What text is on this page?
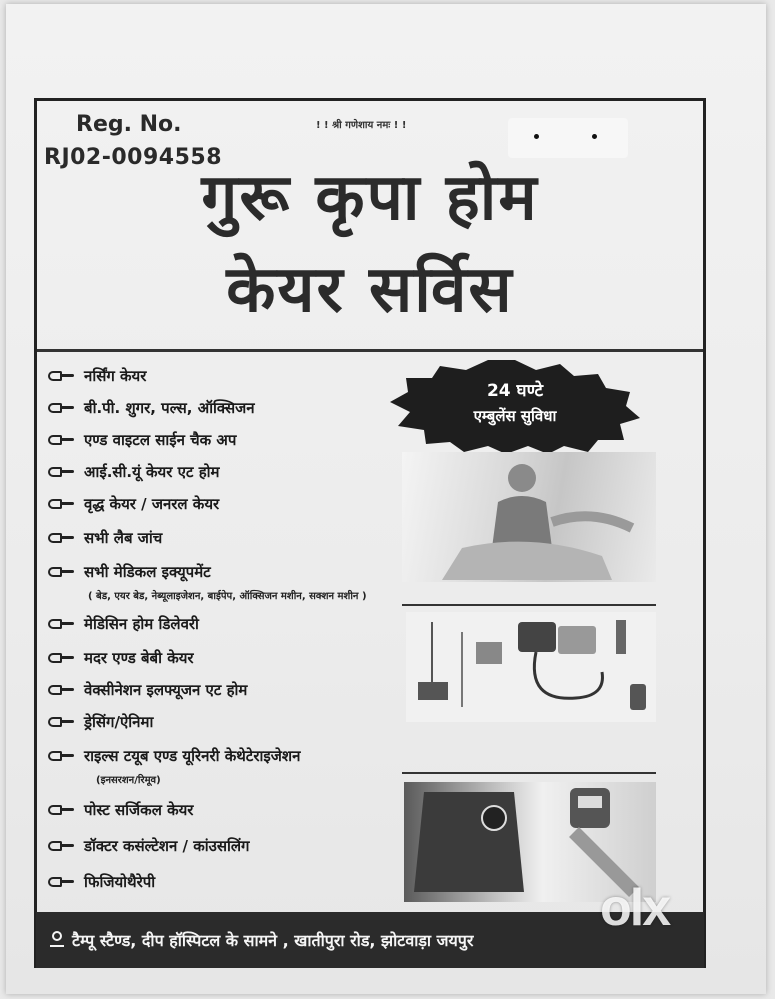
Reg. No.
RJ02-0094558
! ! श्री गणेशाय नमः ! !
गुरू कृपा होम
केयर सर्विस
24 घण्टे
एम्बुलेंस सुविधा
नर्सिंग केयर
बी.पी. शुगर, पल्स, ऑक्सिजन
एण्ड वाइटल साईन चैक अप
आई.सी.यूं केयर एट होम
वृद्ध केयर / जनरल केयर
सभी लैब जांच
सभी मेडिकल इक्यूपमेंट
( बेड, एयर बेड, नेब्यूलाइजेशन, बाईपेप, ऑक्सिजन मशीन, सक्शन मशीन )
मेडिसिन होम डिलेवरी
मदर एण्ड बेबी केयर
वेक्सीनेशन इलफ्यूजन एट होम
ड्रेसिंग/ऐनिमा
राइल्स टयूब एण्ड यूरिनरी केथेटेराइजेशन
(इनसरशन/रिमूव)
पोस्ट सर्जिकल केयर
डॉक्टर कसंल्टेशन / कांउसलिंग
फिजियोथैरेपी
टैम्पू स्टैण्ड, दीप हॉस्पिटल के सामने , खातीपुरा रोड, झोटवाड़ा जयपुर
olx
